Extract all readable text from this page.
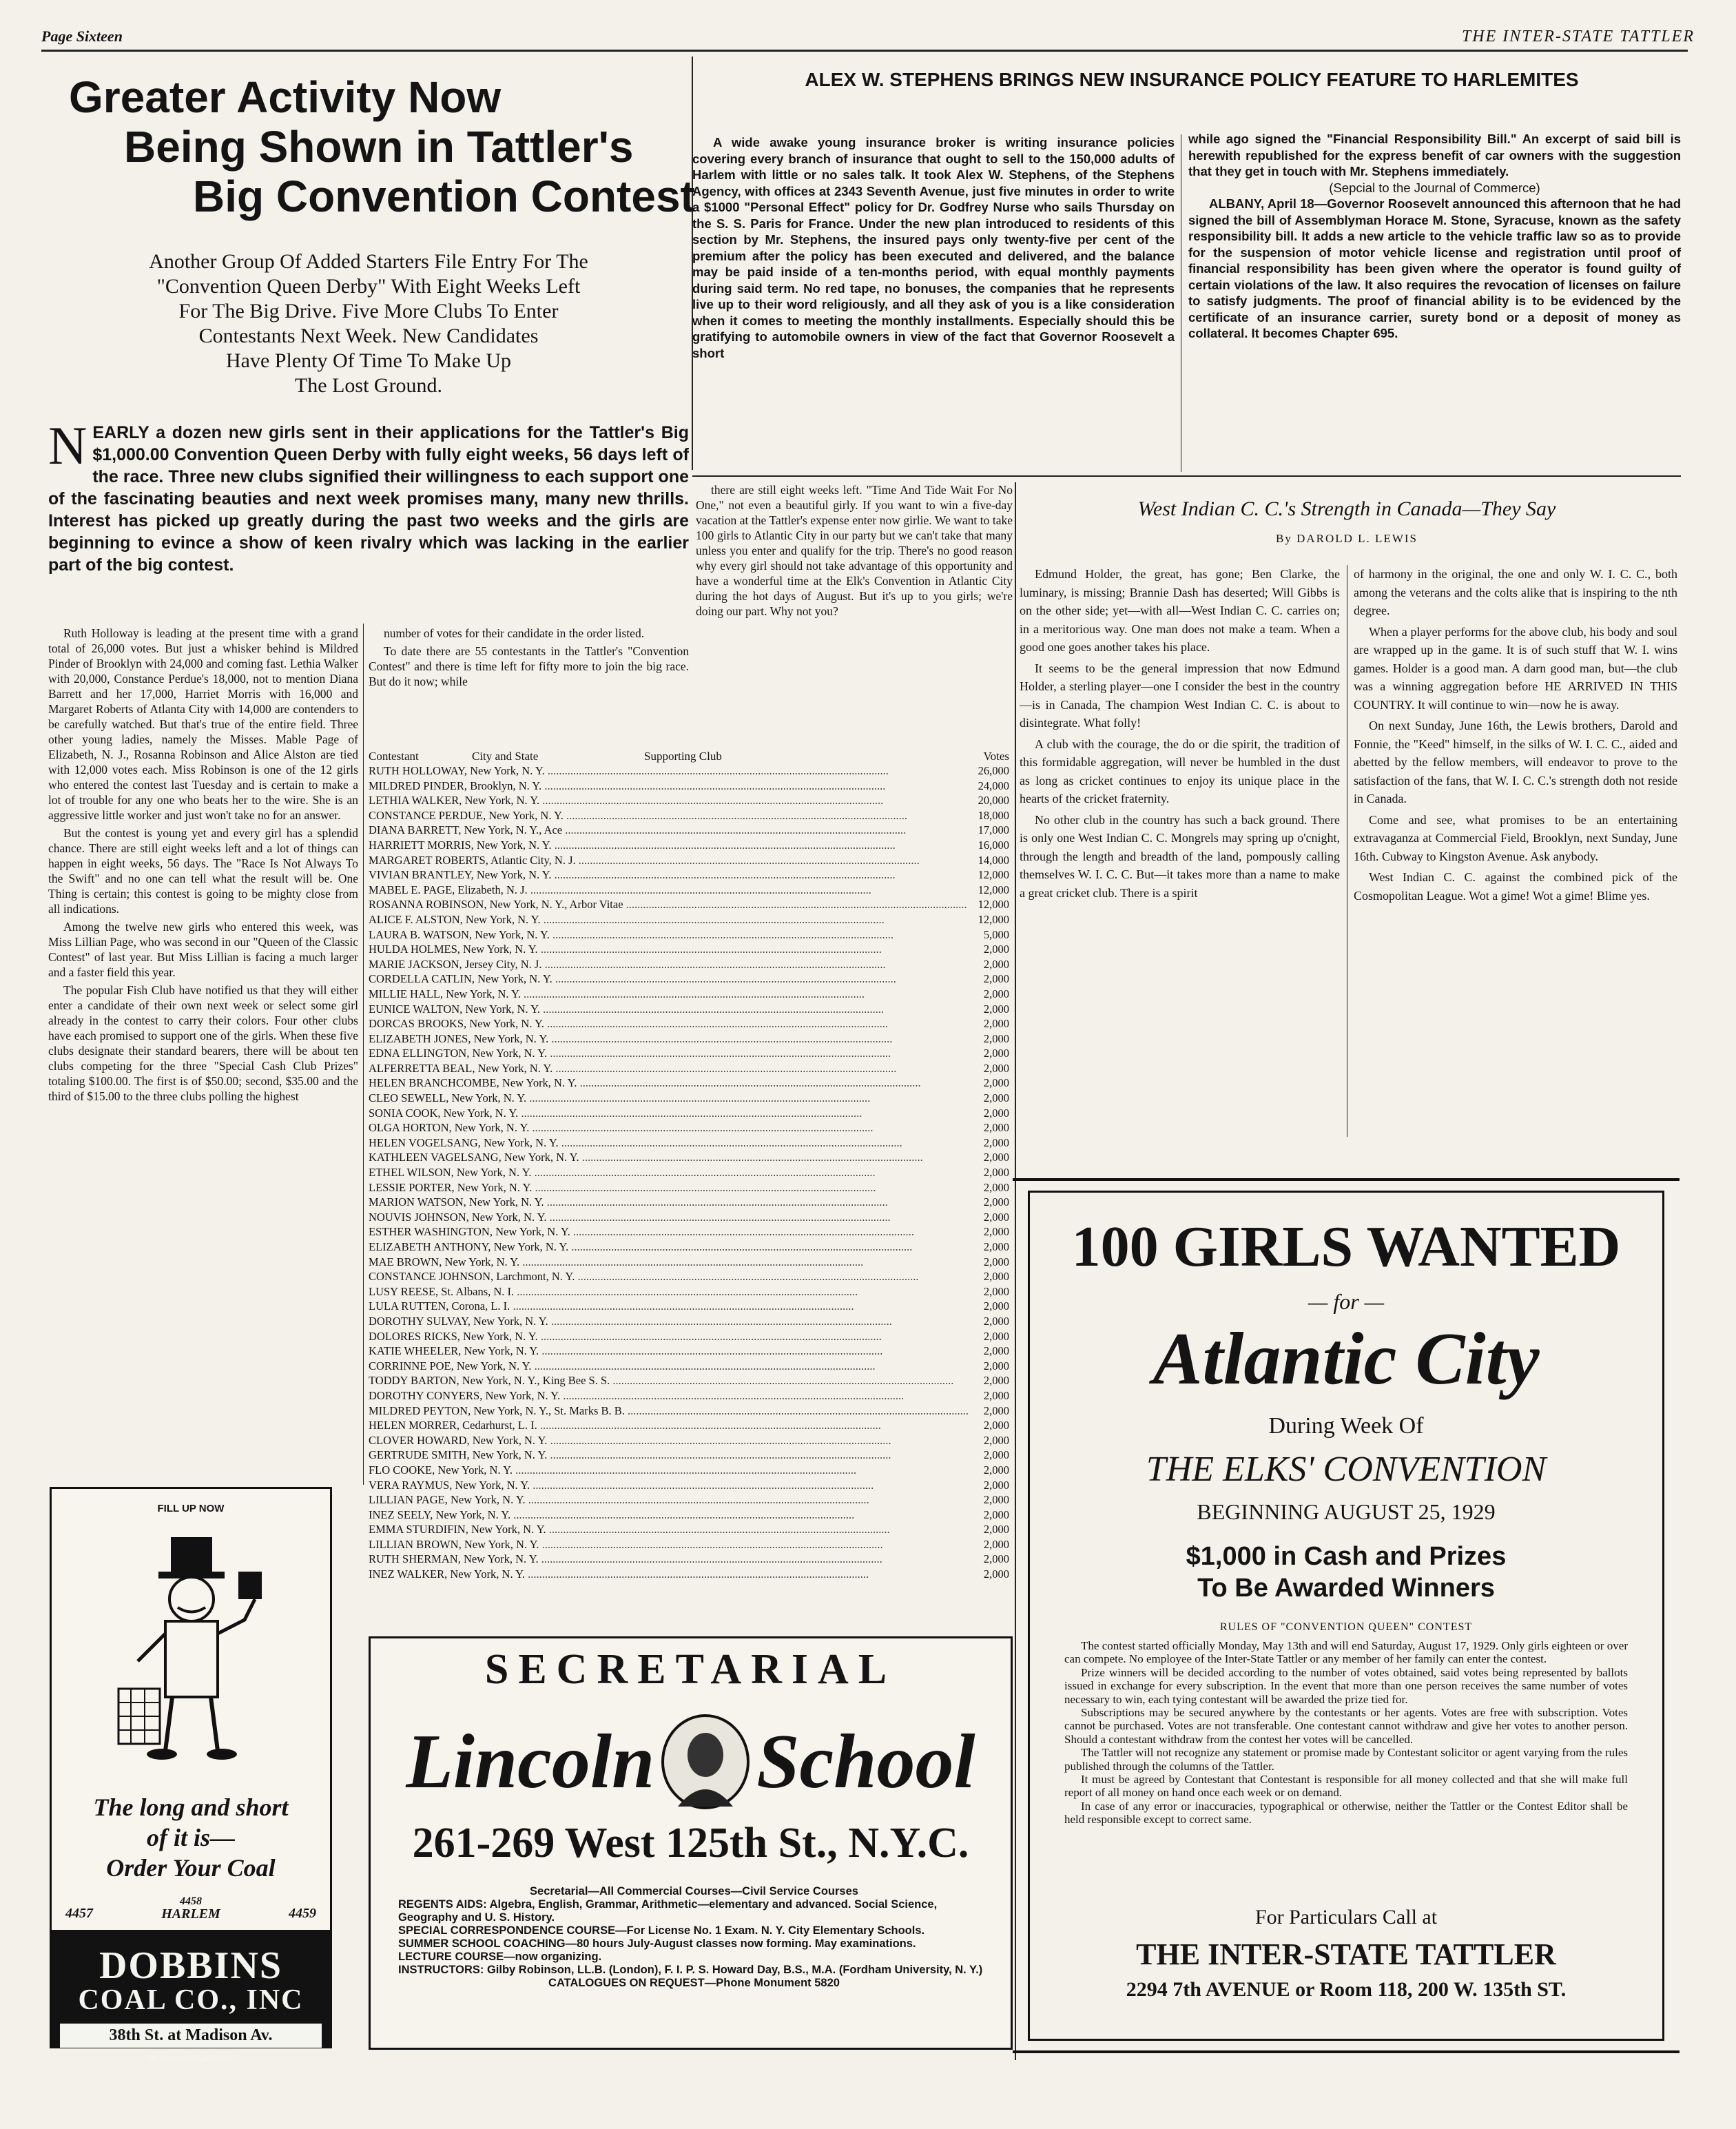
Page Sixteen	THE INTER-STATE TATTLER
Greater Activity Now
Being Shown in Tattler's
Big Convention Contest
Another Group Of Added Starters File Entry For The
"Convention Queen Derby" With Eight Weeks Left
For The Big Drive. Five More Clubs To Enter
Contestants Next Week. New Candidates
Have Plenty Of Time To Make Up
The Lost Ground.
NEARLY a dozen new girls sent in their applications for the Tattler's Big $1,000.00 Convention Queen Derby with fully eight weeks, 56 days left of the race. Three new clubs signified their willingness to each support one of the fascinating beauties and next week promises many, many new thrills. Interest has picked up greatly during the past two weeks and the girls are beginning to evince a show of keen rivalry which was lacking in the earlier part of the big contest.

Ruth Holloway is leading at the present time with a grand total of 26,000 votes. But just a whisker behind is Mildred Pinder of Brooklyn with 24,000 and coming fast. Lethia Walker with 20,000, Constance Perdue's 18,000, not to mention Diana Barrett and her 17,000, Harriet Morris with 16,000 and Margaret Roberts of Atlanta City with 14,000 are contenders to be carefully watched. But that's true of the entire field. Three other young ladies, namely the Misses. Mable Page of Elizabeth, N. J., Rosanna Robinson and Alice Alston are tied with 12,000 votes each. Miss Robinson is one of the 12 girls who entered the contest last Tuesday and is certain to make a lot of trouble for any one who beats her to the wire. She is an aggressive little worker and just won't take no for an answer.

But the contest is young yet and every girl has a splendid chance. There are still eight weeks left and a lot of things can happen in eight weeks, 56 days. The "Race Is Not Always To the Swift" and no one can tell what the result will be. One Thing is certain; this contest is going to be mighty close from all indications.

Among the twelve new girls who entered this week, was Miss Lillian Page, who was second in our "Queen of the Classic Contest" of last year. But Miss Lillian is facing a much larger and a faster field this year.

The popular Fish Club have notified us that they will either enter a candidate of their own next week or select some girl already in the contest to carry their colors. Four other clubs have each promised to support one of the girls. When these five clubs designate their standard bearers, there will be about ten clubs competing for the three "Special Cash Club Prizes" totaling $100.00. The first is of $50.00; second, $35.00 and the third of $15.00 to the three clubs polling the highest

number of votes for their candidate in the order listed.

To date there are 55 contestants in the Tattler's "Convention Contest" and there is time left for fifty more to join the big race. But do it now; while

there are still eight weeks left. "Time And Tide Wait For No One," not even a beautiful girly. If you want to win a five-day vacation at the Tattler's expense enter now girlie. We want to take 100 girls to Atlantic City in our party but we can't take that many unless you enter and qualify for the trip. There's no good reason why every girl should not take advantage of this opportunity and have a wonderful time at the Elk's Convention in Atlantic City during the hot days of August. But it's up to you girls; we're doing our part. Why not you?

Contestant	City and State	Supporting Club	Votes
RUTH HOLLOWAY, New York, N. Y. ........................................................................................................................	26,000
MILDRED PINDER, Brooklyn, N. Y. ........................................................................................................................	24,000
LETHIA WALKER, New York, N. Y. ........................................................................................................................	20,000
CONSTANCE PERDUE, New York, N. Y. ........................................................................................................................	18,000
DIANA BARRETT, New York, N. Y., Ace ........................................................................................................................	17,000
HARRIETT MORRIS, New York, N. Y. ........................................................................................................................	16,000
MARGARET ROBERTS, Atlantic City, N. J. ........................................................................................................................	14,000
VIVIAN BRANTLEY, New York, N. Y. ........................................................................................................................	12,000
MABEL E. PAGE, Elizabeth, N. J. ........................................................................................................................	12,000
ROSANNA ROBINSON, New York, N. Y., Arbor Vitae ........................................................................................................................ 12,000
ALICE F. ALSTON, New York, N. Y. ........................................................................................................................	12,000
LAURA B. WATSON, New York, N. Y. ........................................................................................................................	5,000
HULDA HOLMES, New York, N. Y. ........................................................................................................................	2,000
MARIE JACKSON, Jersey City, N. J. ........................................................................................................................	2,000
CORDELLA CATLIN, New York, N. Y. ........................................................................................................................	2,000
MILLIE HALL, New York, N. Y. ........................................................................................................................	2,000
EUNICE WALTON, New York, N. Y. ........................................................................................................................	2,000
DORCAS BROOKS, New York, N. Y. ........................................................................................................................	2,000
ELIZABETH JONES, New York, N. Y. ........................................................................................................................	2,000
EDNA ELLINGTON, New York, N. Y. ........................................................................................................................	2,000
ALFERRETTA BEAL, New York, N. Y. ........................................................................................................................	2,000
HELEN BRANCHCOMBE, New York, N. Y. ........................................................................................................................	2,000
CLEO SEWELL, New York, N. Y. ........................................................................................................................	2,000
SONIA COOK, New York, N. Y. ........................................................................................................................	2,000
OLGA HORTON, New York, N. Y. ........................................................................................................................	2,000
HELEN VOGELSANG, New York, N. Y. ........................................................................................................................	2,000
KATHLEEN VAGELSANG, New York, N. Y. ........................................................................................................................	2,000
ETHEL WILSON, New York, N. Y. ........................................................................................................................	2,000
LESSIE PORTER, New York, N. Y. ........................................................................................................................	2,000
MARION WATSON, New York, N. Y. ........................................................................................................................	2,000
NOUVIS JOHNSON, New York, N. Y. ........................................................................................................................	2,000
ESTHER WASHINGTON, New York, N. Y. ........................................................................................................................	2,000
ELIZABETH ANTHONY, New York, N. Y. ........................................................................................................................	2,000
MAE BROWN, New York, N. Y. ........................................................................................................................	2,000
CONSTANCE JOHNSON, Larchmont, N. Y. ........................................................................................................................	2,000
LUSY REESE, St. Albans, N. I. ........................................................................................................................	2,000
LULA RUTTEN, Corona, L. I. ........................................................................................................................	2,000
DOROTHY SULVAY, New York, N. Y. ........................................................................................................................	2,000
DOLORES RICKS, New York, N. Y. ........................................................................................................................	2,000
KATIE WHEELER, New York, N. Y. ........................................................................................................................	2,000
CORRINNE POE, New York, N. Y. ........................................................................................................................	2,000
TODDY BARTON, New York, N. Y., King Bee S. S. ........................................................................................................................	2,000
DOROTHY CONYERS, New York, N. Y. ........................................................................................................................	2,000
MILDRED PEYTON, New York, N. Y., St. Marks B. B. ........................................................................................................................	2,000
HELEN MORRER, Cedarhurst, L. I. ........................................................................................................................	2,000
CLOVER HOWARD, New York, N. Y. ........................................................................................................................	2,000
GERTRUDE SMITH, New York, N. Y. ........................................................................................................................	2,000
FLO COOKE, New York, N. Y. ........................................................................................................................	2,000
VERA RAYMUS, New York, N. Y. ........................................................................................................................	2,000
LILLIAN PAGE, New York, N. Y. ........................................................................................................................	2,000
INEZ SEELY, New York, N. Y. ........................................................................................................................	2,000
EMMA STURDIFIN, New York, N. Y. ........................................................................................................................	2,000
LILLIAN BROWN, New York, N. Y. ........................................................................................................................	2,000
RUTH SHERMAN, New York, N. Y. ........................................................................................................................	2,000
INEZ WALKER, New York, N. Y. ........................................................................................................................	2,000
ALEX W. STEPHENS BRINGS NEW INSURANCE POLICY FEATURE TO HARLEMITES

A wide awake young insurance broker is writing insurance policies covering every branch of insurance that ought to sell to the 150,000 adults of Harlem with little or no sales talk. It took Alex W. Stephens, of the Stephens Agency, with offices at 2343 Seventh Avenue, just five minutes in order to write a $1000 "Personal Effect" policy for Dr. Godfrey Nurse who sails Thursday on the S. S. Paris for France. Under the new plan introduced to residents of this section by Mr. Stephens, the insured pays only twenty-five per cent of the premium after the policy has been executed and delivered, and the balance may be paid inside of a ten-months period, with equal monthly payments during said term. No red tape, no bonuses, the companies that he represents live up to their word religiously, and all they ask of you is a like consideration when it comes to meeting the monthly installments. Especially should this be gratifying to automobile owners in view of the fact that Governor Roosevelt a short

while ago signed the "Financial Responsibility Bill." An excerpt of said bill is herewith republished for the express benefit of car owners with the suggestion that they get in touch with Mr. Stephens immediately.

(Sepcial to the Journal of Commerce)

ALBANY, April 18—Governor Roosevelt announced this afternoon that he had signed the bill of Assemblyman Horace M. Stone, Syracuse, known as the safety responsibility bill. It adds a new article to the vehicle traffic law so as to provide for the suspension of motor vehicle license and registration until proof of financial responsibility has been given where the operator is found guilty of certain violations of the law. It also requires the revocation of licenses on failure to satisfy judgments. The proof of financial ability is to be evidenced by the certificate of an insurance carrier, surety bond or a deposit of money as collateral. It becomes Chapter 695.

West Indian C. C.'s Strength in Canada—They Say
By DAROLD L. LEWIS

Edmund Holder, the great, has gone; Ben Clarke, the luminary, is missing; Brannie Dash has deserted; Will Gibbs is on the other side; yet—with all—West Indian C. C. carries on; in a meritorious way. One man does not make a team. When a good one goes another takes his place.

It seems to be the general impression that now Edmund Holder, a sterling player—one I consider the best in the country—is in Canada, The champion West Indian C. C. is about to disintegrate. What folly!

A club with the courage, the do or die spirit, the tradition of this formidable aggregation, will never be humbled in the dust as long as cricket continues to enjoy its unique place in the hearts of the cricket fraternity.

No other club in the country has such a back ground. There is only one West Indian C. C. Mongrels may spring up o'cnight, through the length and breadth of the land, pompously calling themselves W. I. C. C. But—it takes more than a name to make a great cricket club. There is a spirit

of harmony in the original, the one and only W. I. C. C., both among the veterans and the colts alike that is inspiring to the nth degree.

When a player performs for the above club, his body and soul are wrapped up in the game. It is of such stuff that W. I. wins games. Holder is a good man. A darn good man, but—the club was a winning aggregation before HE ARRIVED IN THIS COUNTRY. It will continue to win—now he is away.

On next Sunday, June 16th, the Lewis brothers, Darold and Fonnie, the "Keed" himself, in the silks of W. I. C. C., aided and abetted by the fellow members, will endeavor to prove to the satisfaction of the fans, that W. I. C. C.'s strength doth not reside in Canada.

Come and see, what promises to be an entertaining extravaganza at Commercial Field, Brooklyn, next Sunday, June 16th. Cubway to Kingston Avenue. Ask anybody.

West Indian C. C. against the combined pick of the Cosmopolitan League. Wot a gime! Wot a gime! Blime yes.

FILL UP NOW
The long and short
of it is—
Order Your Coal
4457
4458
HARLEM	4459
DOBBINS
COAL CO., INC
38th St. at Madison Av.
"We Serve the Right Weigh"
SECRETARIAL
Lincoln School
261-269 West 125th St., N.Y.C.
Secretarial—All Commercial Courses—Civil Service Courses
REGENTS AIDS: Algebra, English, Grammar, Arithmetic—elementary and advanced. Social Science, Geography and U. S. History.
SPECIAL CORRESPONDENCE COURSE—For License No. 1 Exam. N. Y. City Elementary Schools.
SUMMER SCHOOL COACHING—80 hours July-August classes now forming. May examinations.
LECTURE COURSE—now organizing.
INSTRUCTORS: Gilby Robinson, LL.B. (London), F. I. P. S. Howard Day, B.S., M.A. (Fordham University, N. Y.)
CATALOGUES ON REQUEST—Phone Monument 5820
100 GIRLS WANTED
— for —
Atlantic City
During Week Of
THE ELKS' CONVENTION
BEGINNING AUGUST 25, 1929
$1,000 in Cash and Prizes
To Be Awarded Winners
RULES OF "CONVENTION QUEEN" CONTEST

The contest started officially Monday, May 13th and will end Saturday, August 17, 1929. Only girls eighteen or over can compete. No employee of the Inter-State Tattler or any member of her family can enter the contest.

Prize winners will be decided according to the number of votes obtained, said votes being represented by ballots issued in exchange for every subscription. In the event that more than one person receives the same number of votes necessary to win, each tying contestant will be awarded the prize tied for.

Subscriptions may be secured anywhere by the contestants or her agents. Votes are free with subscription. Votes cannot be purchased. Votes are not transferable. One contestant cannot withdraw and give her votes to another person. Should a contestant withdraw from the contest her votes will be cancelled.

The Tattler will not recognize any statement or promise made by Contestant solicitor or agent varying from the rules published through the columns of the Tattler.

It must be agreed by Contestant that Contestant is responsible for all money collected and that she will make full report of all money on hand once each week or on demand.

In case of any error or inaccuracies, typographical or otherwise, neither the Tattler or the Contest Editor shall be held responsible except to correct same.

For Particulars Call at
THE INTER-STATE TATTLER
2294 7th AVENUE or Room 118, 200 W. 135th ST.
